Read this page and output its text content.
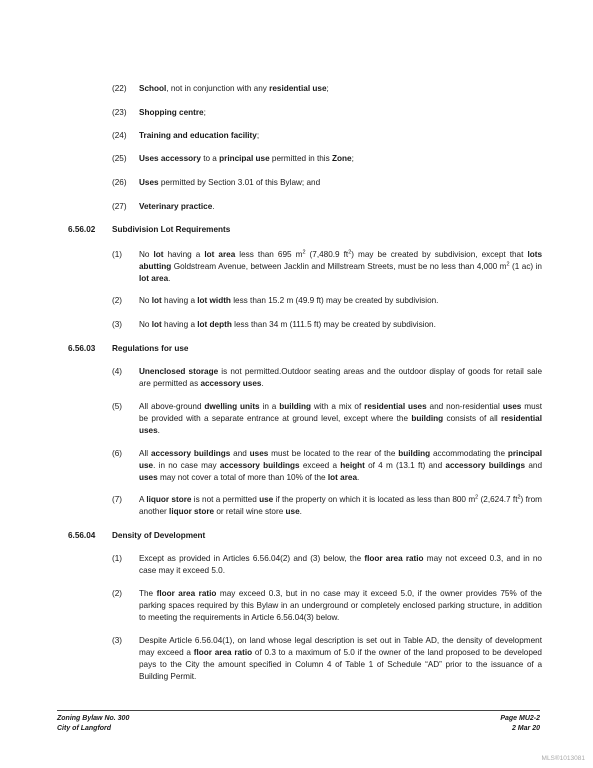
(22) School, not in conjunction with any residential use;
(23) Shopping centre;
(24) Training and education facility;
(25) Uses accessory to a principal use permitted in this Zone;
(26) Uses permitted by Section 3.01 of this Bylaw; and
(27) Veterinary practice.
6.56.02 Subdivision Lot Requirements
(1) No lot having a lot area less than 695 $m^2$ (7,480.9 $ft^2$) may be created by subdivision, except that lots abutting Goldstream Avenue, between Jacklin and Millstream Streets, must be no less than 4,000 $m^2$ (1 ac) in lot area.
(2) No lot having a lot width less than 15.2 m (49.9 ft) may be created by subdivision.
(3) No lot having a lot depth less than 34 m (111.5 ft) may be created by subdivision.
6.56.03 Regulations for use
(4) Unenclosed storage is not permitted.Outdoor seating areas and the outdoor display of goods for retail sale are permitted as accessory uses.
(5) All above-ground dwelling units in a building with a mix of residential uses and non-residential uses must be provided with a separate entrance at ground level, except where the building consists of all residential uses.
(6) All accessory buildings and uses must be located to the rear of the building accommodating the principal use. in no case may accessory buildings exceed a height of 4 m (13.1 ft) and accessory buildings and uses may not cover a total of more than 10% of the lot area.
(7) A liquor store is not a permitted use if the property on which it is located as less than 800 $m^2$ (2,624.7 $ft^2$) from another liquor store or retail wine store use.
6.56.04 Density of Development
(1) Except as provided in Articles 6.56.04(2) and (3) below, the floor area ratio may not exceed 0.3, and in no case may it exceed 5.0.
(2) The floor area ratio may exceed 0.3, but in no case may it exceed 5.0, if the owner provides 75% of the parking spaces required by this Bylaw in an underground or completely enclosed parking structure, in addition to meeting the requirements in Article 6.56.04(3) below.
(3) Despite Article 6.56.04(1), on land whose legal description is set out in Table AD, the density of development may exceed a floor area ratio of 0.3 to a maximum of 5.0 if the owner of the land proposed to be developed pays to the City the amount specified in Column 4 of Table 1 of Schedule “AD” prior to the issuance of a Building Permit.
Zoning Bylaw No. 300
City of Langford
Page MU2-2
2 Mar 20
MLS®1013081
